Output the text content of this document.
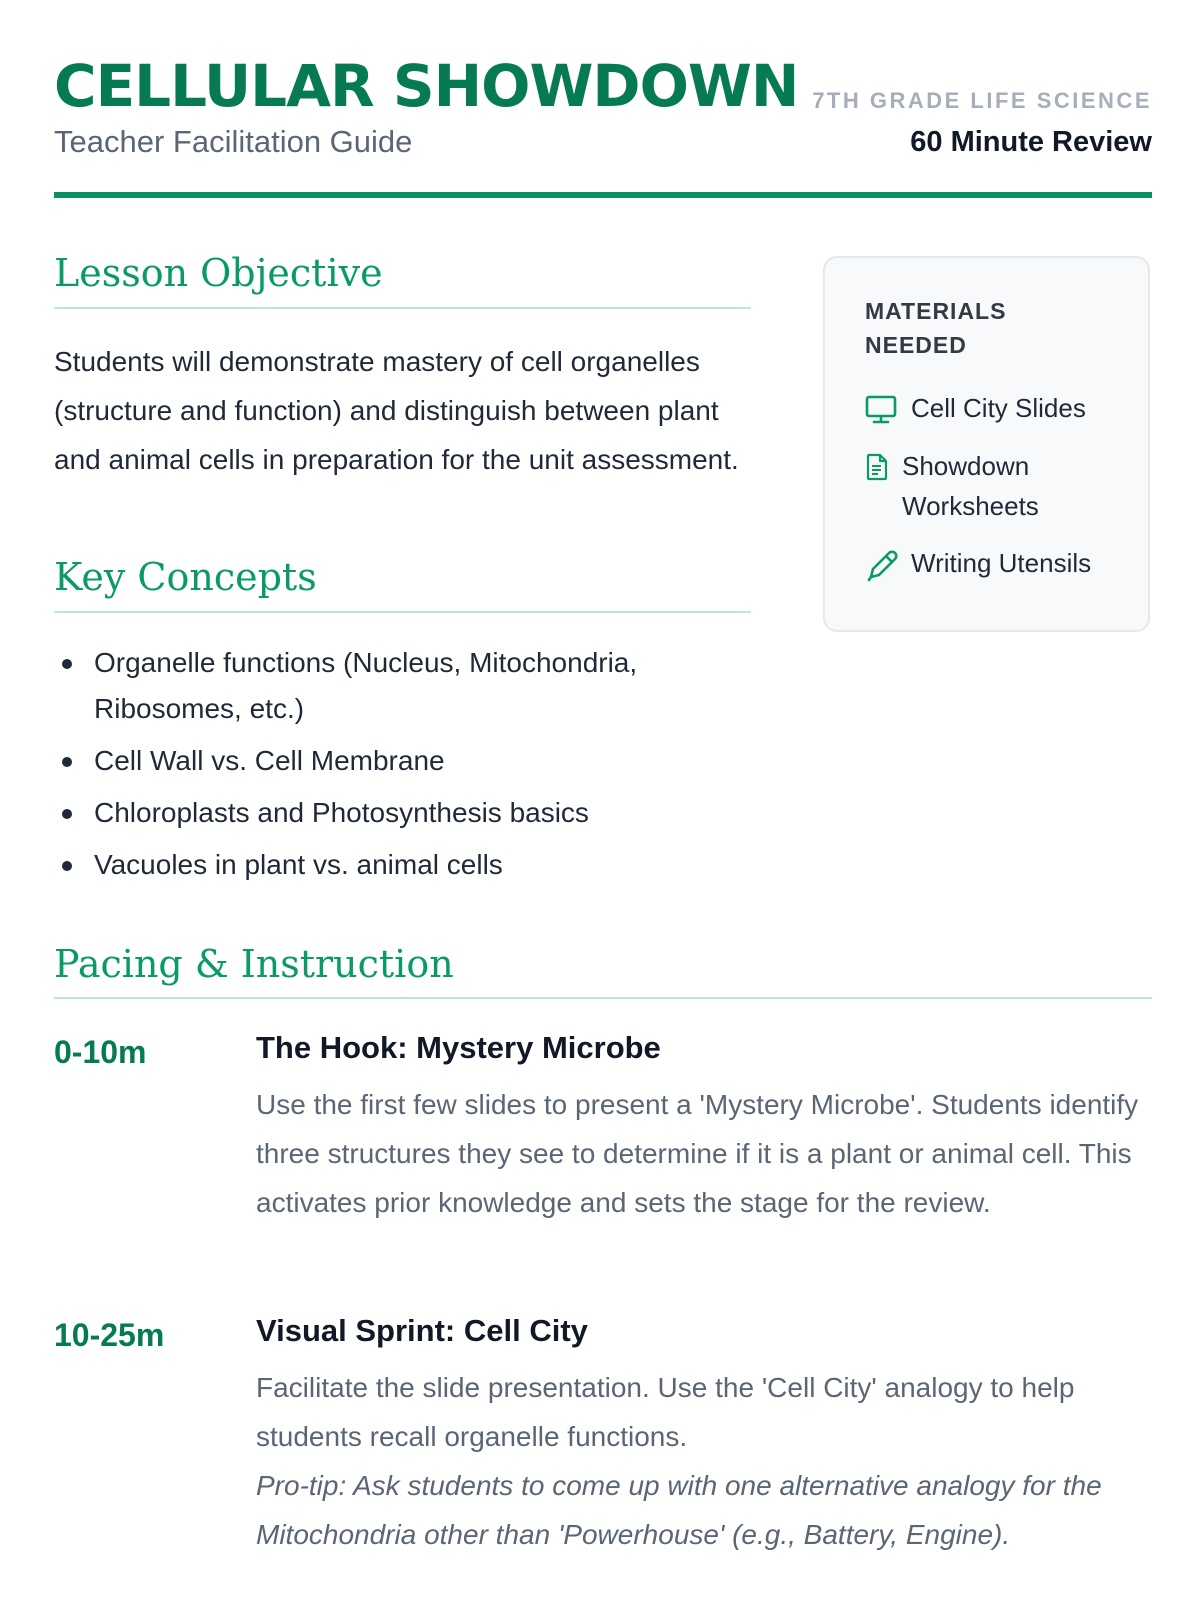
CELLULAR SHOWDOWN
Teacher Facilitation Guide
7TH GRADE LIFE SCIENCE
60 Minute Review
Lesson Objective
Students will demonstrate mastery of cell organelles (structure and function) and distinguish between plant and animal cells in preparation for the unit assessment.
Key Concepts
Organelle functions (Nucleus, Mitochondria, Ribosomes, etc.)
Cell Wall vs. Cell Membrane
Chloroplasts and Photosynthesis basics
Vacuoles in plant vs. animal cells
MATERIALS NEEDED
Cell City Slides
Showdown Worksheets
Writing Utensils
Pacing & Instruction
0-10m	The Hook: Mystery Microbe
Use the first few slides to present a 'Mystery Microbe'. Students identify three structures they see to determine if it is a plant or animal cell. This activates prior knowledge and sets the stage for the review.
10-25m	Visual Sprint: Cell City
Facilitate the slide presentation. Use the 'Cell City' analogy to help students recall organelle functions.
Pro-tip: Ask students to come up with one alternative analogy for the Mitochondria other than 'Powerhouse' (e.g., Battery, Engine).
